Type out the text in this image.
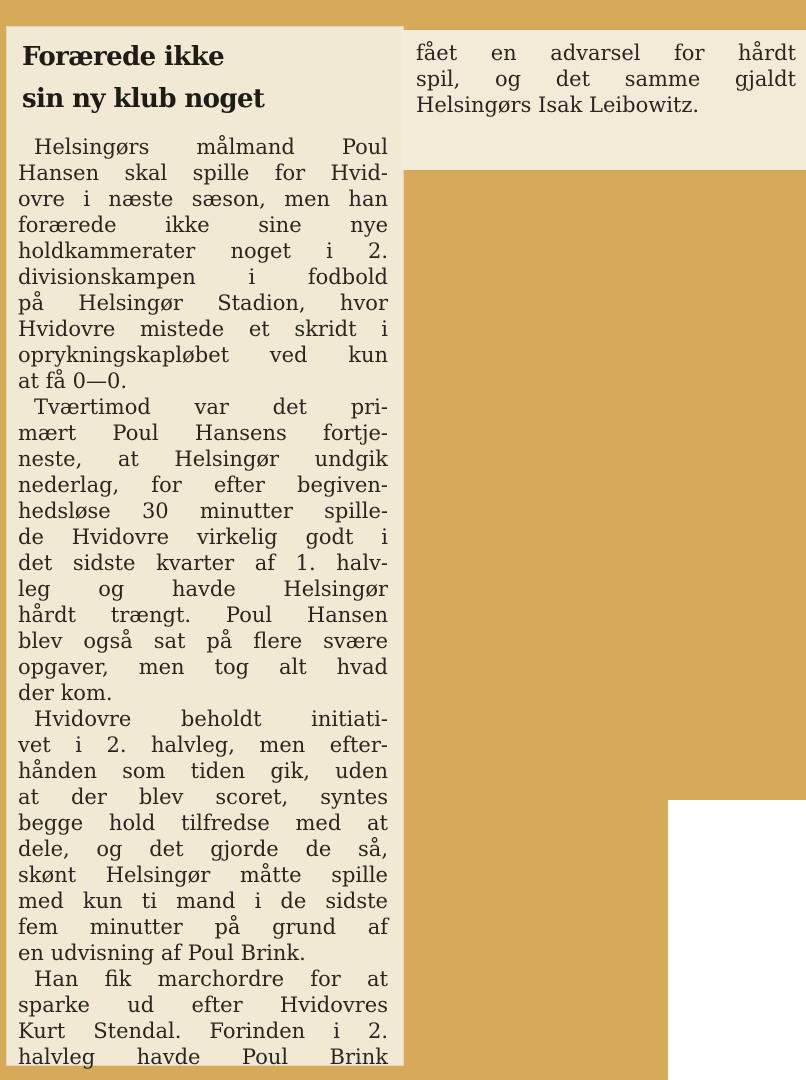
Forærede ikke
sin ny klub noget
Helsingørs målmand Poul
Hansen skal spille for Hvid-
ovre i næste sæson, men han
forærede ikke sine nye
holdkammerater noget i 2.
divisionskampen i fodbold
på Helsingør Stadion, hvor
Hvidovre mistede et skridt i
oprykningskapløbet ved kun
at få 0—0.
Tværtimod var det pri-
mært Poul Hansens fortje-
neste, at Helsingør undgik
nederlag, for efter begiven-
hedsløse 30 minutter spille-
de Hvidovre virkelig godt i
det sidste kvarter af 1. halv-
leg og havde Helsingør
hårdt trængt. Poul Hansen
blev også sat på flere svære
opgaver, men tog alt hvad
der kom.
Hvidovre beholdt initiati-
vet i 2. halvleg, men efter-
hånden som tiden gik, uden
at der blev scoret, syntes
begge hold tilfredse med at
dele, og det gjorde de så,
skønt Helsingør måtte spille
med kun ti mand i de sidste
fem minutter på grund af
en udvisning af Poul Brink.
Han fik marchordre for at
sparke ud efter Hvidovres
Kurt Stendal. Forinden i 2.
halvleg havde Poul Brink
fået en advarsel for hårdt
spil, og det samme gjaldt
Helsingørs Isak Leibowitz.
